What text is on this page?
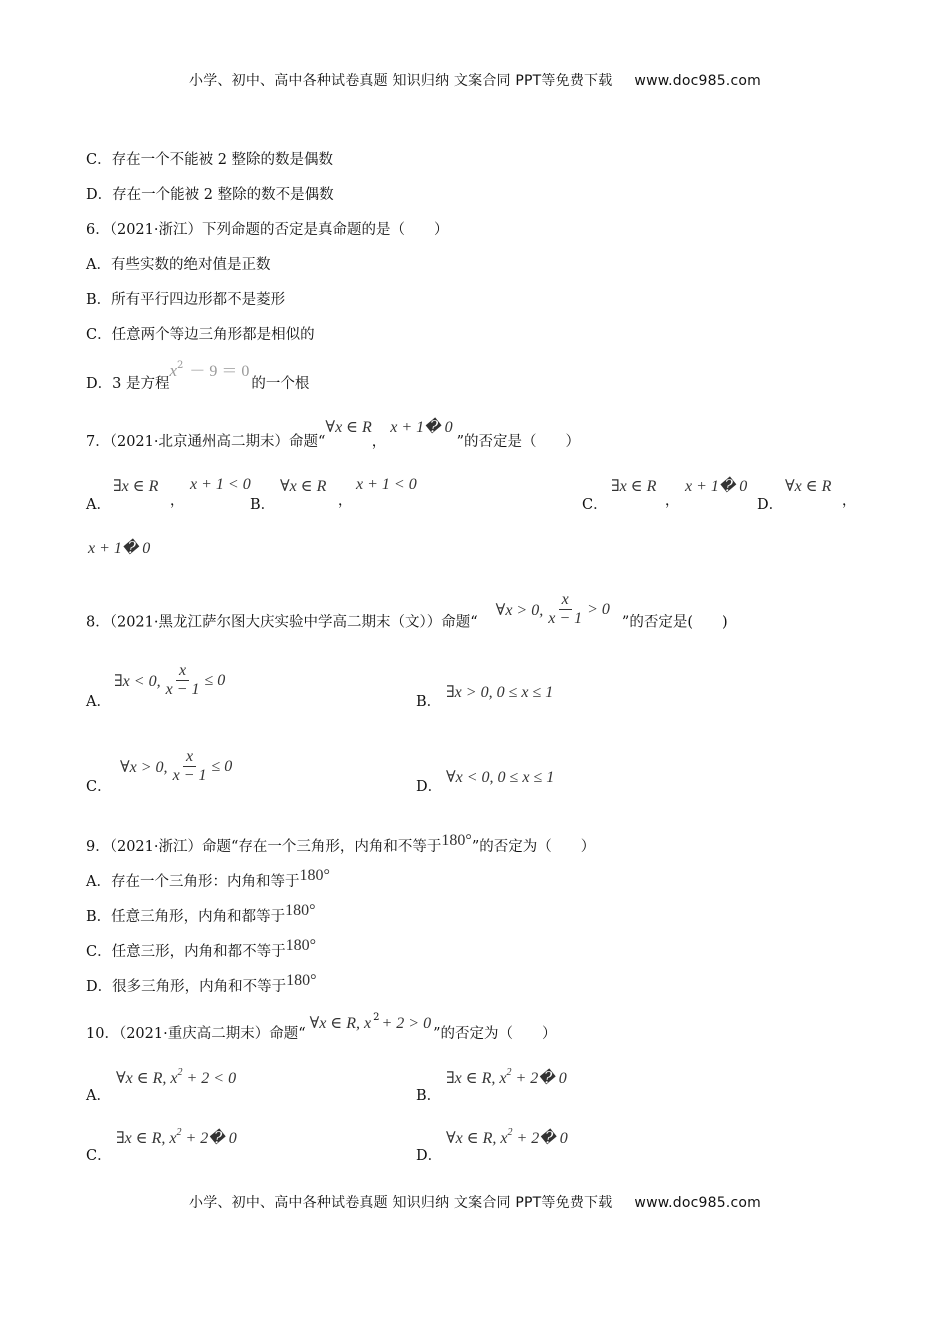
小学、初中、高中各种试卷真题 知识归纳 文案合同 PPT等免费下载 www.doc985.com
C．存在一个不能被 2 整除的数是偶数
D．存在一个能被 2 整除的数不是偶数
6．（2021·浙江）下列命题的否定是真命题的是（　　）
A．有些实数的绝对值是正数
B．所有平行四边形都不是菱形
C．任意两个等边三角形都是相似的
D．3 是方程$x^2 - 9 = 0$的一个根
7．（2021·北京通州高二期末）命题“∀x ∈ R，x + 1� 0”的否定是（　　）
A．
∃x ∈ R
，
x + 1 < 0
B．
∀x ∈ R
，
x + 1 < 0
C．
∃x ∈ R
，
x + 1� 0
D．
∀x ∈ R
，
x + 1� 0
8．（2021·黑龙江萨尔图大庆实验中学高二期末（文））命题“
∀x > 0, $\frac{x}{x - 1} > 0$
”的否定是(　　)
A．
∃x < 0, $\frac{x}{x - 1} \le 0$
B．
∃x > 0, 0 ≤ x ≤ 1
C．
∀x > 0, $\frac{x}{x - 1} \le 0$
D．
∀x < 0, 0 ≤ x ≤ 1
9．（2021·浙江）命题“存在一个三角形，内角和不等于180°”的否定为（　　）
A．存在一个三角形：内角和等于180°
B．任意三角形，内角和都等于180°
C．任意三形，内角和都不等于180°
D．很多三角形，内角和不等于180°
10．（2021·重庆高二期末）命题“∀x ∈ R, x $^2$ + 2 > 0”的否定为（　　）
A．
∀x ∈ R, $x^2 + 2 < 0$
B．
∃x ∈ R, $x^2$ + 2� 0
C．
∃x ∈ R, $x^2$ + 2� 0
D．
∀x ∈ R, $x^2$ + 2� 0
小学、初中、高中各种试卷真题 知识归纳 文案合同 PPT等免费下载 www.doc985.com
